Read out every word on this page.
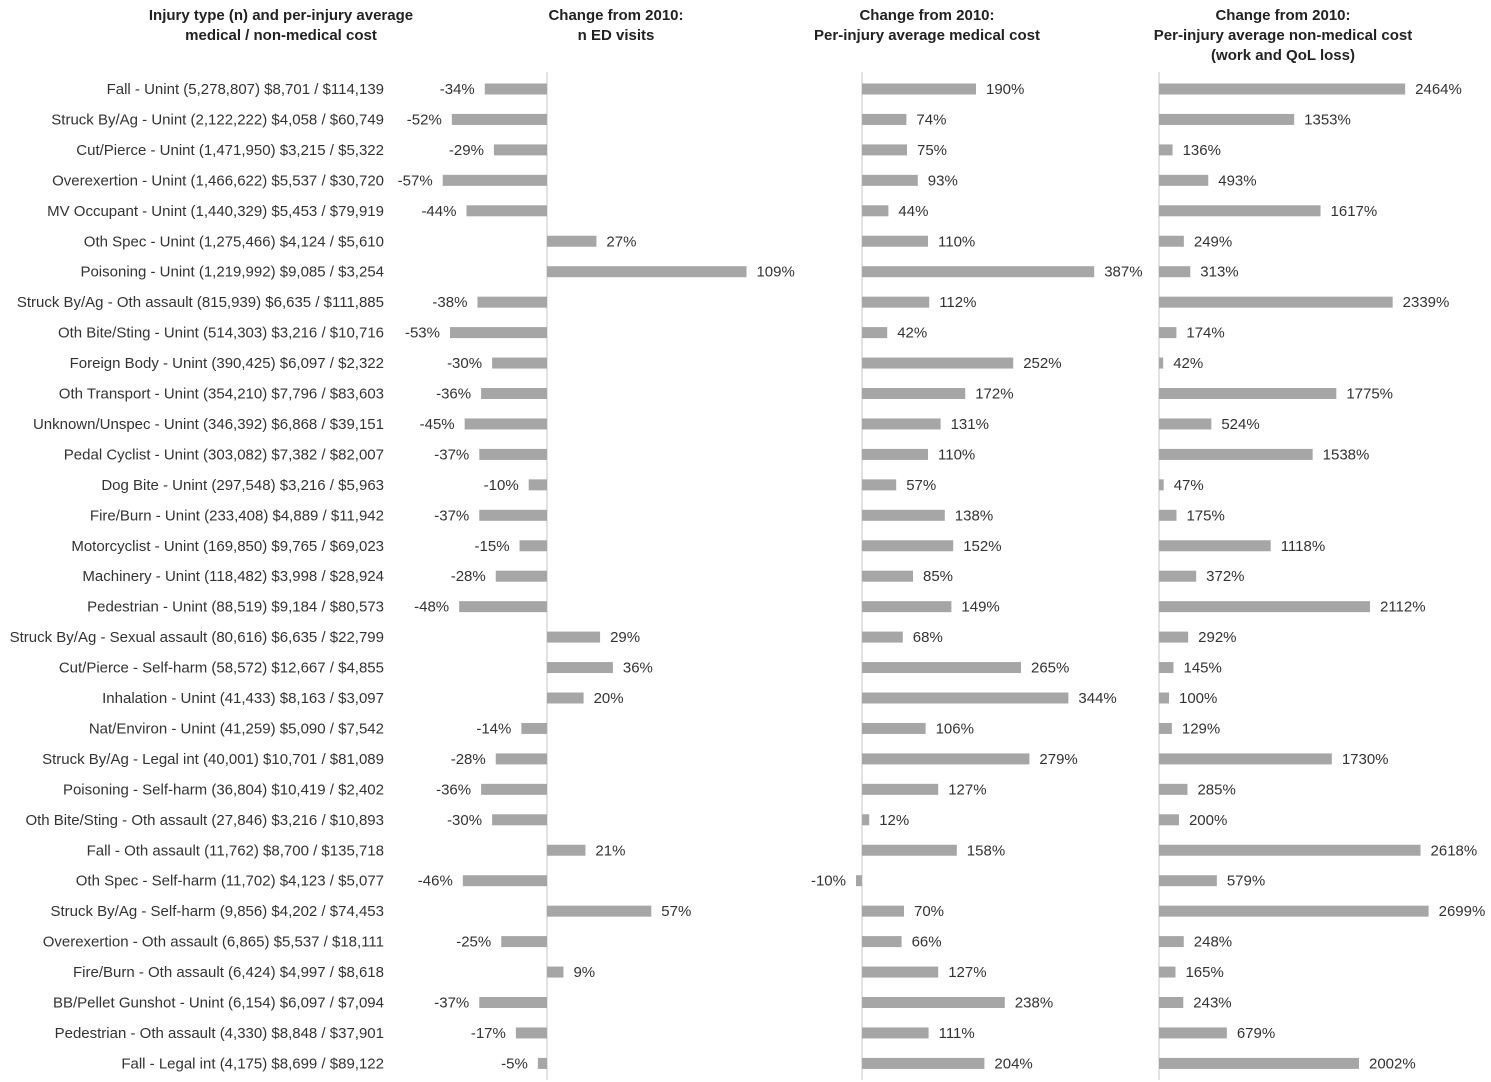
Injury type (n) and per-injury average
medical / non-medical cost
Fall - Unint (5,278,807) $8,701 / $114,139
Struck By/Ag - Unint (2,122,222) $4,058 / $60,749
Cut/Pierce - Unint (1,471,950) $3,215 / $5,322
Overexertion - Unint (1,466,622) $5,537 / $30,720
MV Occupant - Unint (1,440,329) $5,453 / $79,919
Oth Spec - Unint (1,275,466) $4,124 / $5,610
Poisoning - Unint (1,219,992) $9,085 / $3,254
Struck By/Ag - Oth assault (815,939) $6,635 / $111,885
Oth Bite/Sting - Unint (514,303) $3,216 / $10,716
Foreign Body - Unint (390,425) $6,097 / $2,322
Oth Transport - Unint (354,210) $7,796 / $83,603
Unknown/Unspec - Unint (346,392) $6,868 / $39,151
Pedal Cyclist - Unint (303,082) $7,382 / $82,007
Dog Bite - Unint (297,548) $3,216 / $5,963
Fire/Burn - Unint (233,408) $4,889 / $11,942
Motorcyclist - Unint (169,850) $9,765 / $69,023
Machinery - Unint (118,482) $3,998 / $28,924
Pedestrian - Unint (88,519) $9,184 / $80,573
Struck By/Ag - Sexual assault (80,616) $6,635 / $22,799
Cut/Pierce - Self-harm (58,572) $12,667 / $4,855
Inhalation - Unint (41,433) $8,163 / $3,097
Nat/Environ - Unint (41,259) $5,090 / $7,542
Struck By/Ag - Legal int (40,001) $10,701 / $81,089
Poisoning - Self-harm (36,804) $10,419 / $2,402
Oth Bite/Sting - Oth assault (27,846) $3,216 / $10,893
Fall - Oth assault (11,762) $8,700 / $135,718
Oth Spec - Self-harm (11,702) $4,123 / $5,077
Struck By/Ag - Self-harm (9,856) $4,202 / $74,453
Overexertion - Oth assault (6,865) $5,537 / $18,111
Fire/Burn - Oth assault (6,424) $4,997 / $8,618
BB/Pellet Gunshot - Unint (6,154) $6,097 / $7,094
Pedestrian - Oth assault (4,330) $8,848 / $37,901
Fall - Legal int (4,175) $8,699 / $89,122
Change from 2010:
n ED visits
-34%
-52%
-29%
-57%
-44%
27%
109%
-38%
-53%
-30%
-36%
-45%
-37%
-10%
-37%
-15%
-28%
-48%
29%
36%
20%
-14%
-28%
-36%
-30%
21%
-46%
57%
-25%
9%
-37%
-17%
-5%
Change from 2010:
Per-injury average medical cost
190%
74%
75%
93%
44%
110%
387%
112%
42%
252%
172%
131%
110%
57%
138%
152%
85%
149%
68%
265%
344%
106%
279%
127%
12%
158%
-10%
70%
66%
127%
238%
111%
204%
Change from 2010:
Per-injury average non-medical cost
(work and QoL loss)
2464%
1353%
136%
493%
1617%
249%
313%
2339%
174%
42%
1775%
524%
1538%
47%
175%
1118%
372%
2112%
292%
145%
100%
129%
1730%
285%
200%
2618%
579%
2699%
248%
165%
243%
679%
2002%
